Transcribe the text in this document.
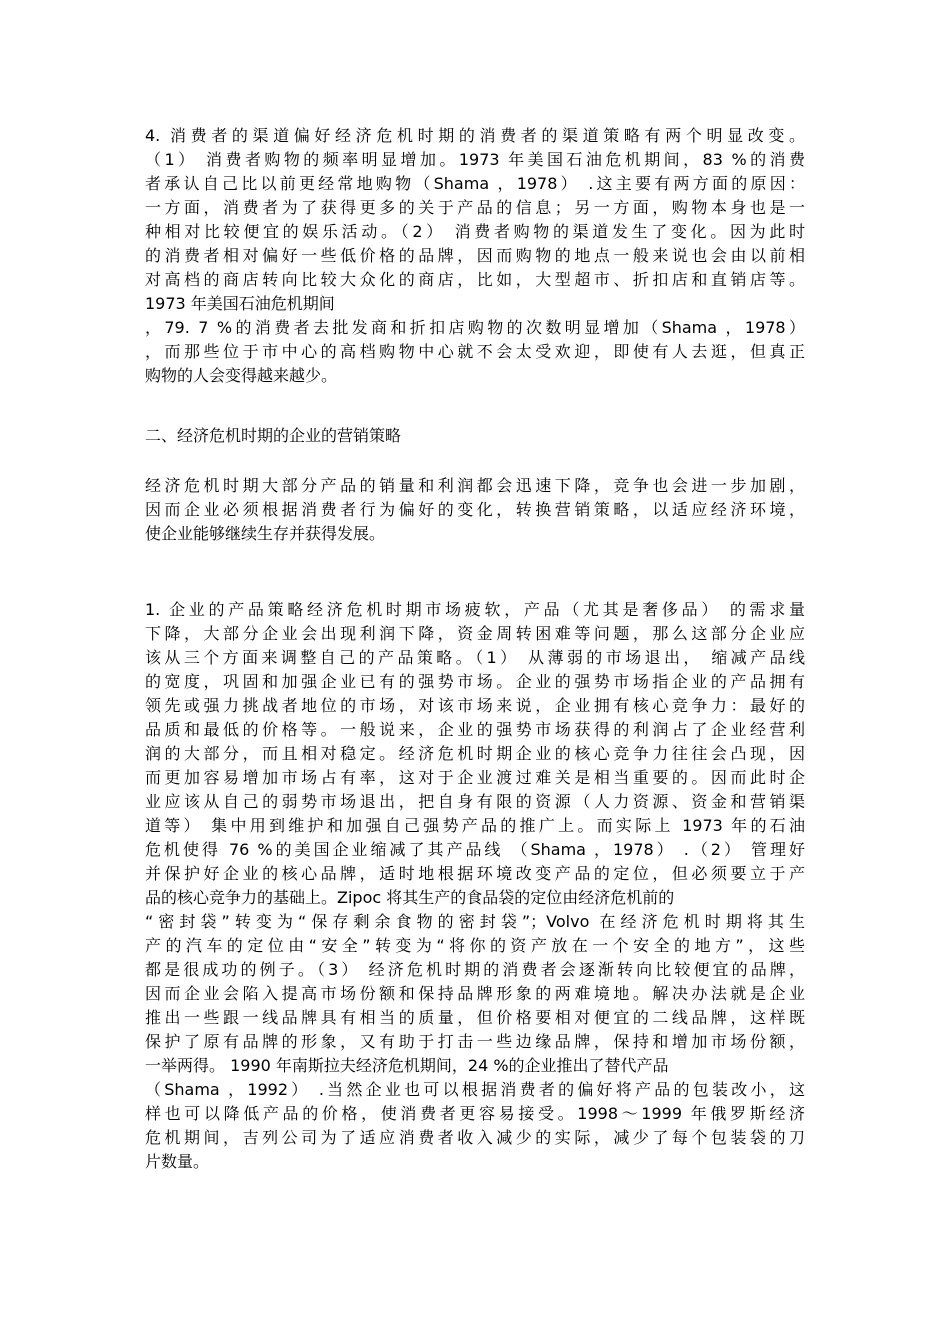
4. 消费者的渠道偏好经济危机时期的消费者的渠道策略有两个明显改变。
（1） 消费者购物的频率明显增加。1973 年美国石油危机期间，83 %的消费
者承认自己比以前更经常地购物（Shama ，1978） .这主要有两方面的原因：
一方面，消费者为了获得更多的关于产品的信息；另一方面，购物本身也是一
种相对比较便宜的娱乐活动。（2） 消费者购物的渠道发生了变化。因为此时
的消费者相对偏好一些低价格的品牌，因而购物的地点一般来说也会由以前相
对高档的商店转向比较大众化的商店，比如，大型超市、折扣店和直销店等。
1973 年美国石油危机期间
，79. 7 %的消费者去批发商和折扣店购物的次数明显增加（Shama ，1978）
，而那些位于市中心的高档购物中心就不会太受欢迎，即使有人去逛，但真正
购物的人会变得越来越少。
二、经济危机时期的企业的营销策略
经济危机时期大部分产品的销量和利润都会迅速下降，竞争也会进一步加剧，
因而企业必须根据消费者行为偏好的变化，转换营销策略，以适应经济环境，
使企业能够继续生存并获得发展。
1. 企业的产品策略经济危机时期市场疲软，产品（尤其是奢侈品） 的需求量
下降，大部分企业会出现利润下降，资金周转困难等问题，那么这部分企业应
该从三个方面来调整自己的产品策略。（1） 从薄弱的市场退出， 缩减产品线
的宽度，巩固和加强企业已有的强势市场。企业的强势市场指企业的产品拥有
领先或强力挑战者地位的市场，对该市场来说，企业拥有核心竞争力：最好的
品质和最低的价格等。一般说来，企业的强势市场获得的利润占了企业经营利
润的大部分，而且相对稳定。经济危机时期企业的核心竞争力往往会凸现，因
而更加容易增加市场占有率，这对于企业渡过难关是相当重要的。因而此时企
业应该从自己的弱势市场退出，把自身有限的资源（人力资源、资金和营销渠
道等） 集中用到维护和加强自己强势产品的推广上。而实际上 1973 年的石油
危机使得 76 %的美国企业缩减了其产品线 （Shama ，1978） .（2） 管理好
并保护好企业的核心品牌，适时地根据环境改变产品的定位，但必须要立于产
品的核心竞争力的基础上。Zipoc 将其生产的食品袋的定位由经济危机前的
“密封袋”转变为“保存剩余食物的密封袋”；Volvo 在经济危机时期将其生
产的汽车的定位由“安全”转变为“将你的资产放在一个安全的地方”，这些
都是很成功的例子。（3） 经济危机时期的消费者会逐渐转向比较便宜的品牌，
因而企业会陷入提高市场份额和保持品牌形象的两难境地。解决办法就是企业
推出一些跟一线品牌具有相当的质量，但价格要相对便宜的二线品牌，这样既
保护了原有品牌的形象，又有助于打击一些边缘品牌，保持和增加市场份额，
一举两得。 1990 年南斯拉夫经济危机期间，24 %的企业推出了替代产品
（Shama ，1992） .当然企业也可以根据消费者的偏好将产品的包装改小，这
样也可以降低产品的价格，使消费者更容易接受。1998～1999 年俄罗斯经济
危机期间，吉列公司为了适应消费者收入减少的实际，减少了每个包装袋的刀
片数量。
